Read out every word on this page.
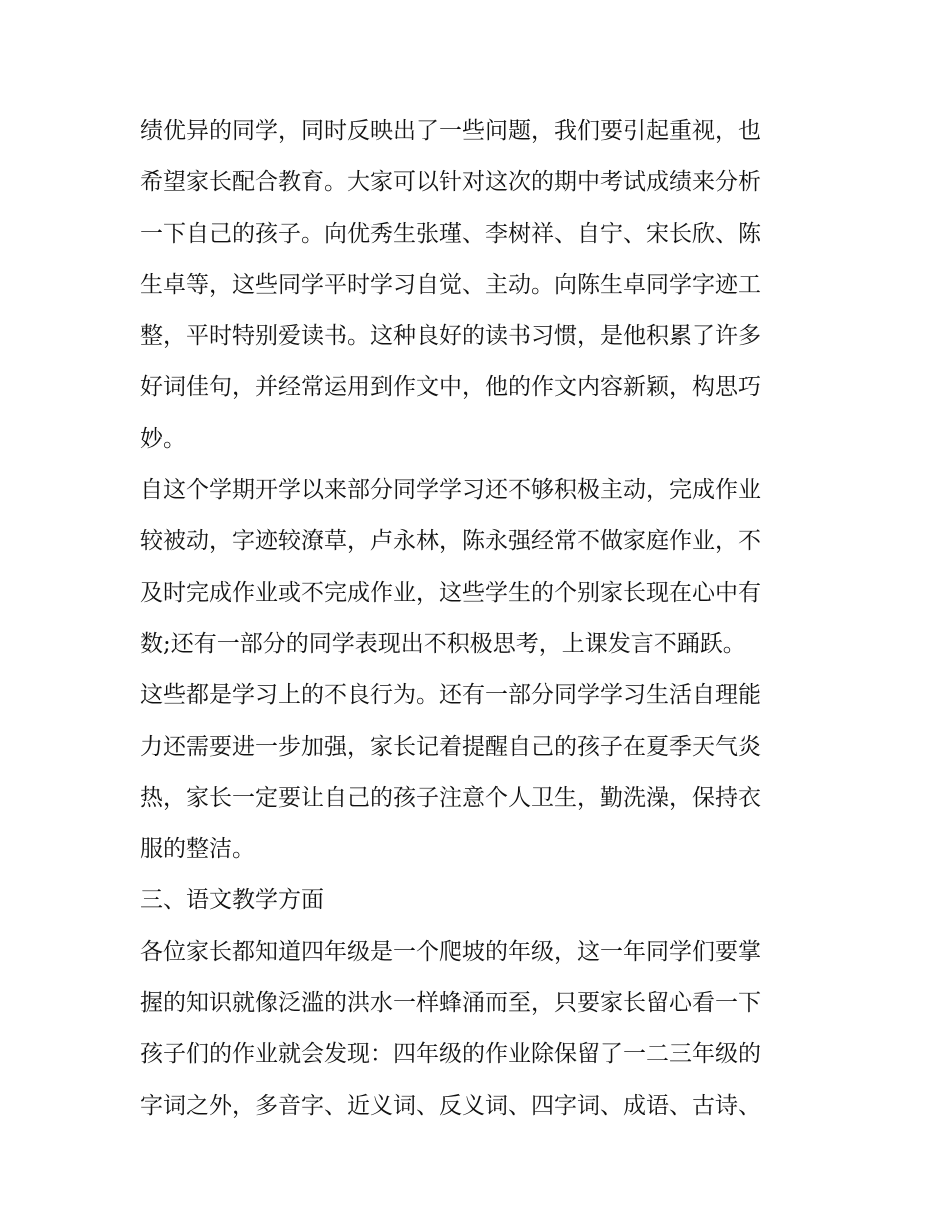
绩优异的同学，同时反映出了一些问题，我们要引起重视，也
希望家长配合教育。大家可以针对这次的期中考试成绩来分析
一下自己的孩子。向优秀生张瑾、李树祥、自宁、宋长欣、陈
生卓等，这些同学平时学习自觉、主动。向陈生卓同学字迹工
整，平时特别爱读书。这种良好的读书习惯，是他积累了许多
好词佳句，并经常运用到作文中，他的作文内容新颖，构思巧
妙。
自这个学期开学以来部分同学学习还不够积极主动，完成作业
较被动，字迹较潦草，卢永林，陈永强经常不做家庭作业，不
及时完成作业或不完成作业，这些学生的个别家长现在心中有
数;还有一部分的同学表现出不积极思考，上课发言不踊跃。
这些都是学习上的不良行为。还有一部分同学学习生活自理能
力还需要进一步加强，家长记着提醒自己的孩子在夏季天气炎
热，家长一定要让自己的孩子注意个人卫生，勤洗澡，保持衣
服的整洁。
三、语文教学方面
各位家长都知道四年级是一个爬坡的年级，这一年同学们要掌
握的知识就像泛滥的洪水一样蜂涌而至，只要家长留心看一下
孩子们的作业就会发现：四年级的作业除保留了一二三年级的
字词之外，多音字、近义词、反义词、四字词、成语、古诗、
